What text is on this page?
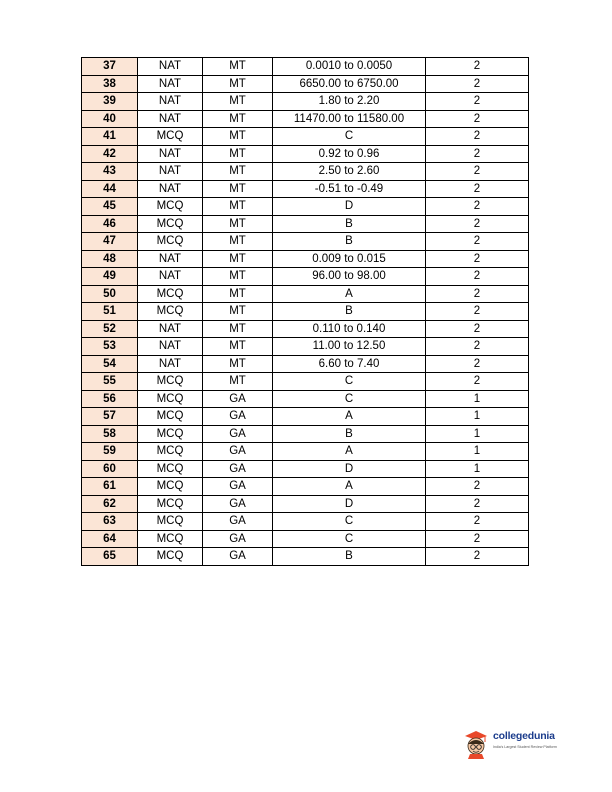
37	NAT	MT	0.0010 to 0.0050	2
38	NAT	MT	6650.00 to 6750.00	2
39	NAT	MT	1.80 to 2.20	2
40	NAT	MT	11470.00 to 11580.00	2
41	MCQ	MT	C	2
42	NAT	MT	0.92 to 0.96	2
43	NAT	MT	2.50 to 2.60	2
44	NAT	MT	-0.51 to -0.49	2
45	MCQ	MT	D	2
46	MCQ	MT	B	2
47	MCQ	MT	B	2
48	NAT	MT	0.009 to 0.015	2
49	NAT	MT	96.00 to 98.00	2
50	MCQ	MT	A	2
51	MCQ	MT	B	2
52	NAT	MT	0.110 to 0.140	2
53	NAT	MT	11.00 to 12.50	2
54	NAT	MT	6.60 to 7.40	2
55	MCQ	MT	C	2
56	MCQ	GA	C	1
57	MCQ	GA	A	1
58	MCQ	GA	B	1
59	MCQ	GA	A	1
60	MCQ	GA	D	1
61	MCQ	GA	A	2
62	MCQ	GA	D	2
63	MCQ	GA	C	2
64	MCQ	GA	C	2
65	MCQ	GA	B	2
collegedunia
India's Largest Student Review Platform
